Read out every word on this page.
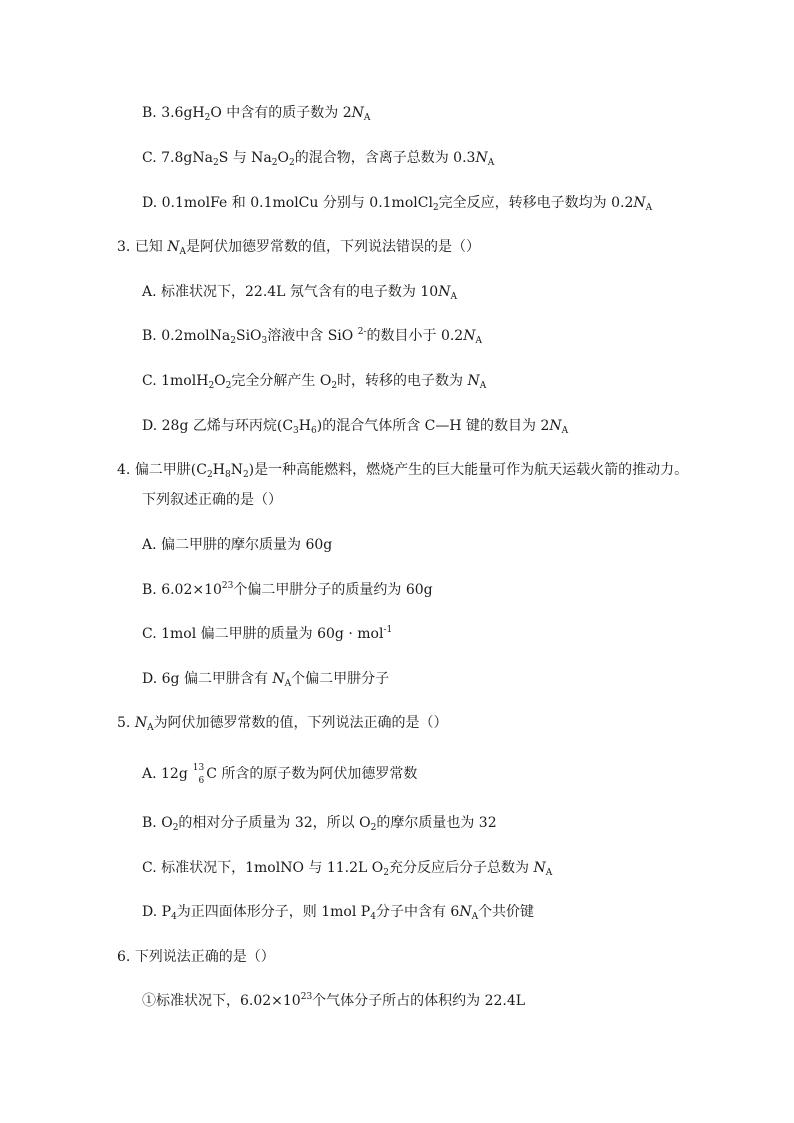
B. $3.6gH_2O$ 中含有的质子数为 $2N_A$
C. 7.8gNa$_2$S 与 $Na_2O_2$的混合物，含离子总数为 $0.3N_A$
D. 0.1molFe 和 0.1molCu 分别与 0.1molCl$_2$完全反应，转移电子数均为 $0.2N_A$
3. 已知 $N_A$是阿伏加德罗常数的值，下列说法错误的是（）
A. 标准状况下，22.4L 氖气含有的电子数为 $10N_A$
B. 0.2molNa$_2$SiO$_3$溶液中含 SiO $^{2-}$的数目小于 $0.2N_A$
C. $1molH_2O_2$完全分解产生 $O_2$时，转移的电子数为 $N_A$
D. 28g 乙烯与环丙烷$(C_3H_6)$的混合气体所含 C—H 键的数目为 $2N_A$
4. 偏二甲肼$(C_2H_8N_2)$是一种高能燃料，燃烧产生的巨大能量可作为航天运载火箭的推动力。
下列叙述正确的是（）
A. 偏二甲肼的摩尔质量为 60g
B. $6.02\times 10^{23}$个偏二甲肼分子的质量约为 60g
C. 1mol 偏二甲肼的质量为 60g · mol$^{-1}$
D. 6g 偏二甲肼含有 $N_A$个偏二甲肼分子
5. $N_A$为阿伏加德罗常数的值，下列说法正确的是（）
A. 12g 13
6 C 所含的原子数为阿伏加德罗常数
B. $O_2$的相对分子质量为 32，所以 $O_2$的摩尔质量也为 32
C. 标准状况下，1molNO 与 11.2L $O_2$充分反应后分子总数为 $N_A$
D. $P_4$为正四面体形分子，则 1mol $P_4$分子中含有 $6N_A$个共价键
6. 下列说法正确的是（）
①标准状况下，$6.02\times 10^{23}$个气体分子所占的体积约为 22.4L
